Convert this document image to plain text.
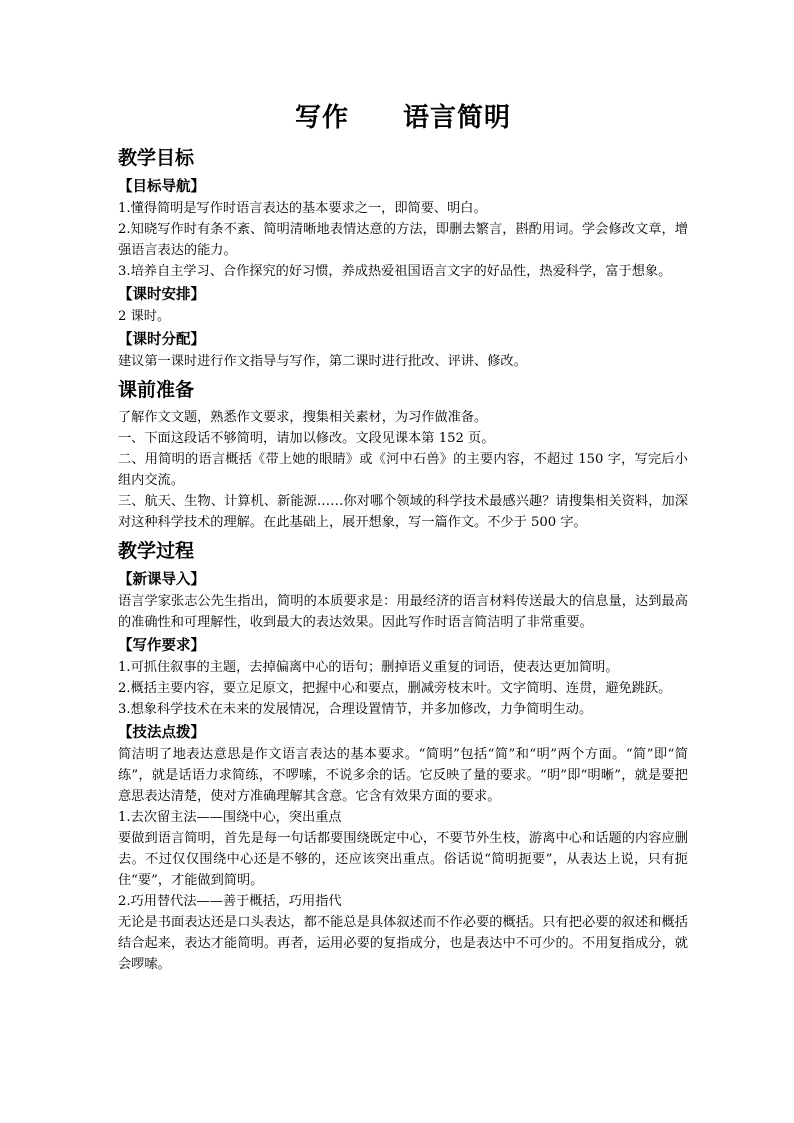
写作　　语言简明
教学目标
【目标导航】

1.懂得简明是写作时语言表达的基本要求之一，即简要、明白。

2.知晓写作时有条不紊、简明清晰地表情达意的方法，即删去繁言，斟酌用词。学会修改文章，增强语言表达的能力。

3.培养自主学习、合作探究的好习惯，养成热爱祖国语言文字的好品性，热爱科学，富于想象。

【课时安排】

2 课时。

【课时分配】

建议第一课时进行作文指导与写作，第二课时进行批改、评讲、修改。

课前准备

了解作文文题，熟悉作文要求，搜集相关素材，为习作做准备。

一、下面这段话不够简明，请加以修改。文段见课本第 152 页。

二、用简明的语言概括《带上她的眼睛》或《河中石兽》的主要内容，不超过 150 字，写完后小组内交流。

三、航天、生物、计算机、新能源……你对哪个领域的科学技术最感兴趣？请搜集相关资料，加深对这种科学技术的理解。在此基础上，展开想象，写一篇作文。不少于 500 字。

教学过程
【新课导入】

语言学家张志公先生指出，简明的本质要求是：用最经济的语言材料传送最大的信息量，达到最高的准确性和可理解性，收到最大的表达效果。因此写作时语言简洁明了非常重要。

【写作要求】

1.可抓住叙事的主题，去掉偏离中心的语句；删掉语义重复的词语，使表达更加简明。

2.概括主要内容，要立足原文，把握中心和要点，删减旁枝末叶。文字简明、连贯，避免跳跃。

3.想象科学技术在未来的发展情况，合理设置情节，并多加修改，力争简明生动。

【技法点拨】

简洁明了地表达意思是作文语言表达的基本要求。“简明”包括“简”和“明”两个方面。“简”即“简练”，就是话语力求简练，不啰嗦，不说多余的话。它反映了量的要求。“明”即“明晰”，就是要把意思表达清楚，使对方准确理解其含意。它含有效果方面的要求。

1.去次留主法——围绕中心，突出重点

要做到语言简明，首先是每一句话都要围绕既定中心，不要节外生枝，游离中心和话题的内容应删去。不过仅仅围绕中心还是不够的，还应该突出重点。俗话说“简明扼要”，从表达上说，只有扼住“要”，才能做到简明。

2.巧用替代法——善于概括，巧用指代

无论是书面表达还是口头表达，都不能总是具体叙述而不作必要的概括。只有把必要的叙述和概括结合起来，表达才能简明。再者，运用必要的复指成分，也是表达中不可少的。不用复指成分，就会啰嗦。
